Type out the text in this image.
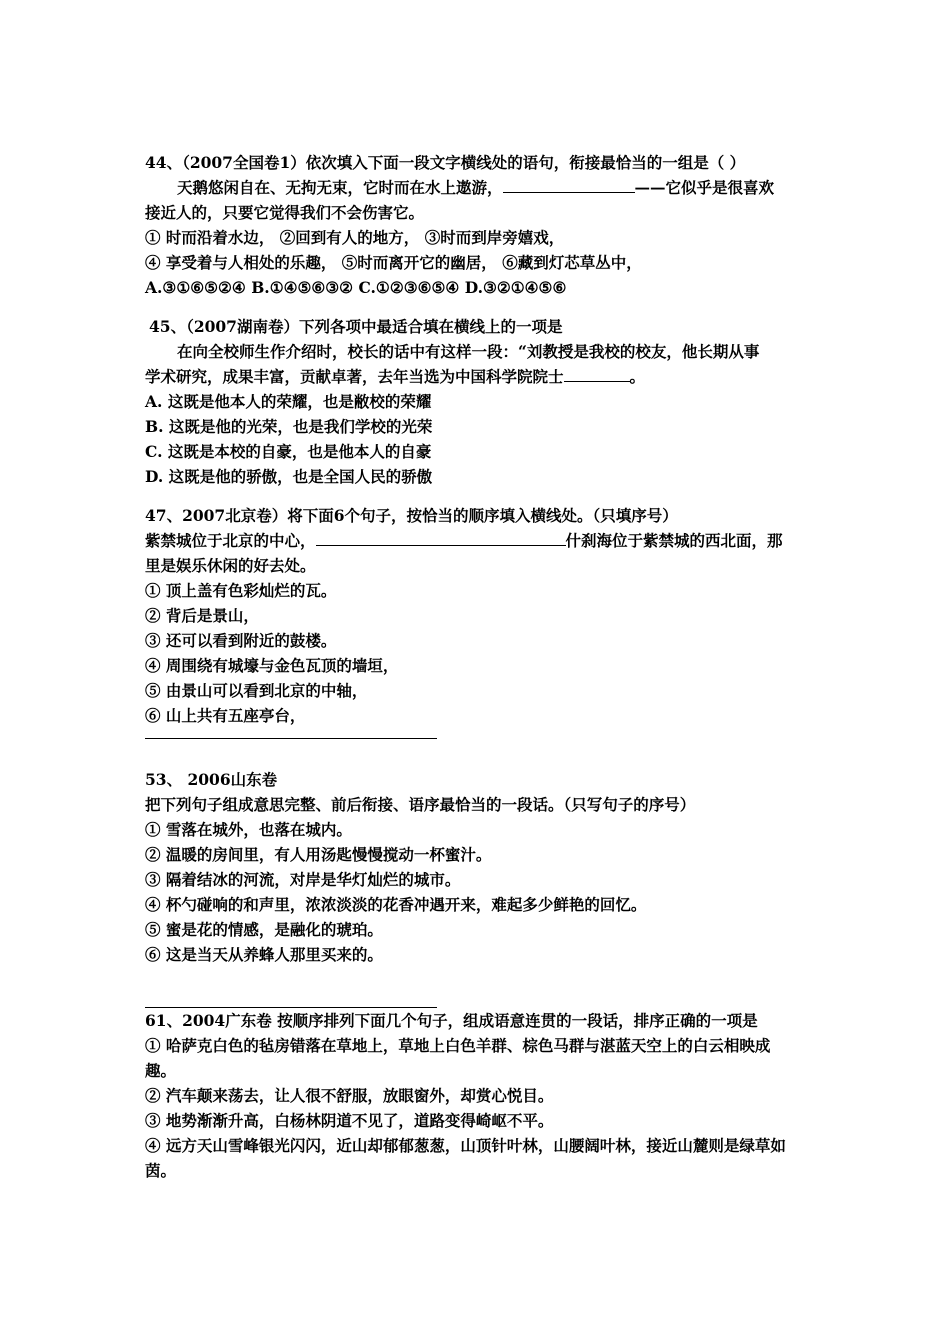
44、（2007全国卷1）依次填入下面一段文字横线处的语句，衔接最恰当的一组是（ ）
天鹅悠闲自在、无拘无束，它时而在水上遨游，	——它似乎是很喜欢
接近人的，只要它觉得我们不会伤害它。
① 时而沿着水边， ②回到有人的地方， ③时而到岸旁嬉戏，
④ 享受着与人相处的乐趣， ⑤时而离开它的幽居， ⑥藏到灯芯草丛中，
A.③①⑥⑤②④ B.①④⑤⑥③② C.①②③⑥⑤④ D.③②①④⑤⑥
45、（2007湖南卷）下列各项中最适合填在横线上的一项是
在向全校师生作介绍时，校长的话中有这样一段：“刘教授是我校的校友，他长期从事
学术研究，成果丰富，贡献卓著，去年当选为中国科学院院士	。
A. 这既是他本人的荣耀，也是敝校的荣耀
B. 这既是他的光荣，也是我们学校的光荣
C. 这既是本校的自豪，也是他本人的自豪
D. 这既是他的骄傲，也是全国人民的骄傲
47、2007北京卷）将下面6个句子，按恰当的顺序填入横线处。（只填序号）
紫禁城位于北京的中心，	什刹海位于紫禁城的西北面，那
里是娱乐休闲的好去处。
① 顶上盖有色彩灿烂的瓦。
② 背后是景山，
③ 还可以看到附近的鼓楼。
④ 周围绕有城壕与金色瓦顶的墙垣，
⑤ 由景山可以看到北京的中轴，
⑥ 山上共有五座亭台，
53、 2006山东卷
把下列句子组成意思完整、前后衔接、语序最恰当的一段话。（只写句子的序号）
① 雪落在城外，也落在城内。
② 温暖的房间里，有人用汤匙慢慢搅动一杯蜜汁。
③ 隔着结冰的河流，对岸是华灯灿烂的城市。
④ 杯勺碰响的和声里，浓浓淡淡的花香冲遇开来，难起多少鲜艳的回忆。
⑤ 蜜是花的情感，是融化的琥珀。
⑥ 这是当天从养蜂人那里买来的。
61、2004广东卷 按顺序排列下面几个句子，组成语意连贯的一段话，排序正确的一项是
① 哈萨克白色的毡房错落在草地上，草地上白色羊群、棕色马群与湛蓝天空上的白云相映成
趣。
② 汽车颠来荡去，让人很不舒服，放眼窗外，却赏心悦目。
③ 地势渐渐升高，白杨林阴道不见了，道路变得崎岖不平。
④ 远方天山雪峰银光闪闪，近山却郁郁葱葱，山顶针叶林，山腰阔叶林，接近山麓则是绿草如
茵。
